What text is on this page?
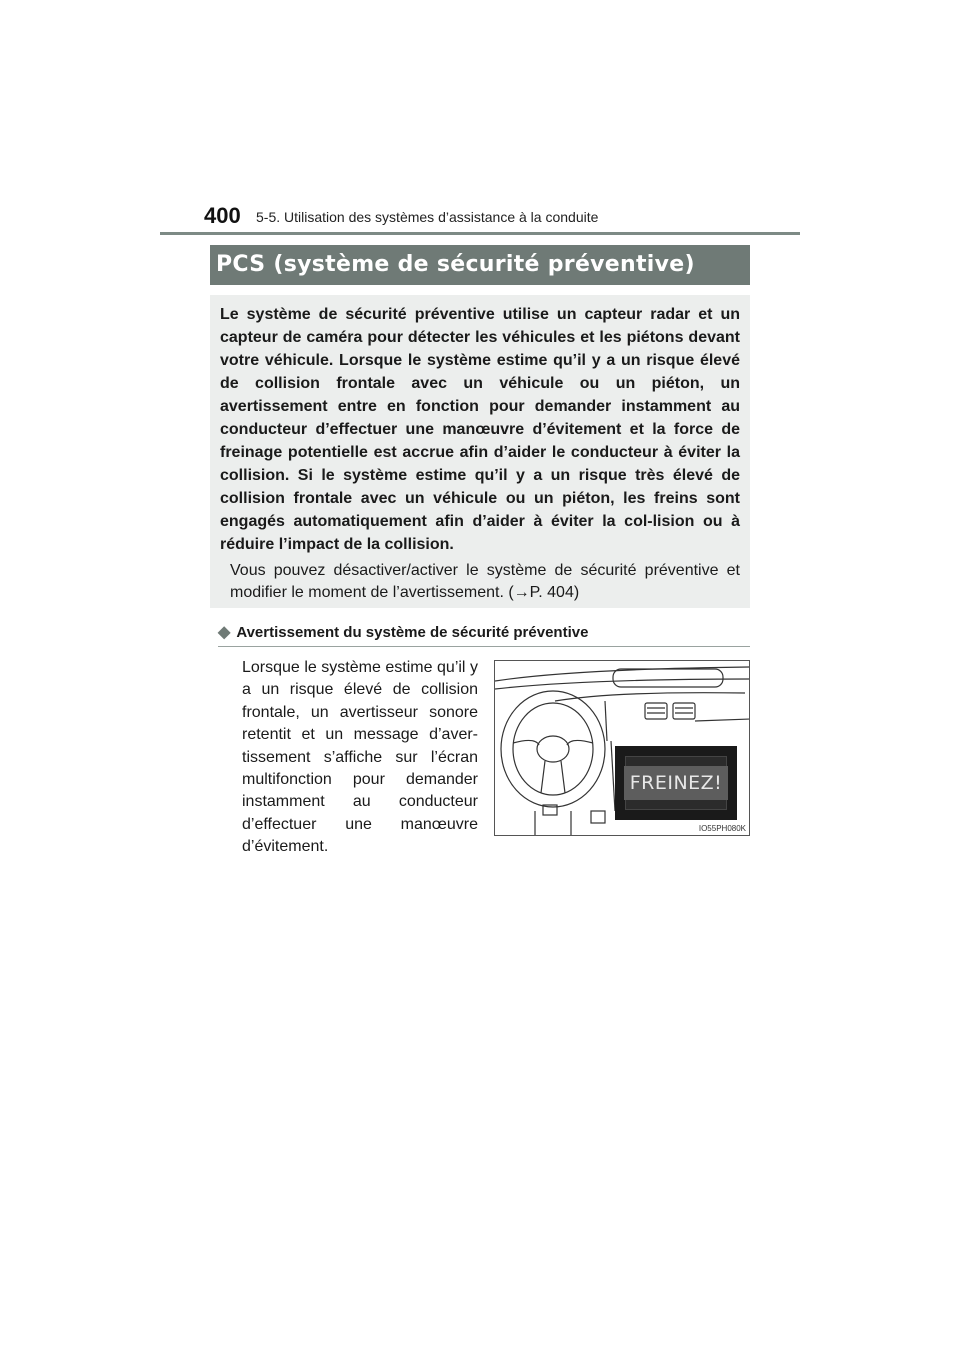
400 5-5. Utilisation des systèmes d’assistance à la conduite
PCS (système de sécurité préventive)

Le système de sécurité préventive utilise un capteur radar et un capteur de caméra pour détecter les véhicules et les piétons devant votre véhicule. Lorsque le système estime qu’il y a un risque élevé de collision frontale avec un véhicule ou un piéton, un avertissement entre en fonction pour demander instamment au conducteur d’effectuer une manœuvre d’évitement et la force de freinage potentielle est accrue afin d’aider le conducteur à éviter la collision. Si le système estime qu’il y a un risque très élevé de collision frontale avec un véhicule ou un piéton, les freins sont engagés automatiquement afin d’aider à éviter la col-lision ou à réduire l’impact de la collision.

Vous pouvez désactiver/activer le système de sécurité préventive et modifier le moment de l’avertissement. (→P. 404)

◆ Avertissement du système de sécurité préventive

Lorsque le système estime qu’il y a un risque élevé de collision frontale, un avertisseur sonore retentit et un message d’aver-tissement s’affiche sur l’écran multifonction pour demander instamment au conducteur d’effectuer une manœuvre d’évitement.

FREINEZ!
IO55PH080K
